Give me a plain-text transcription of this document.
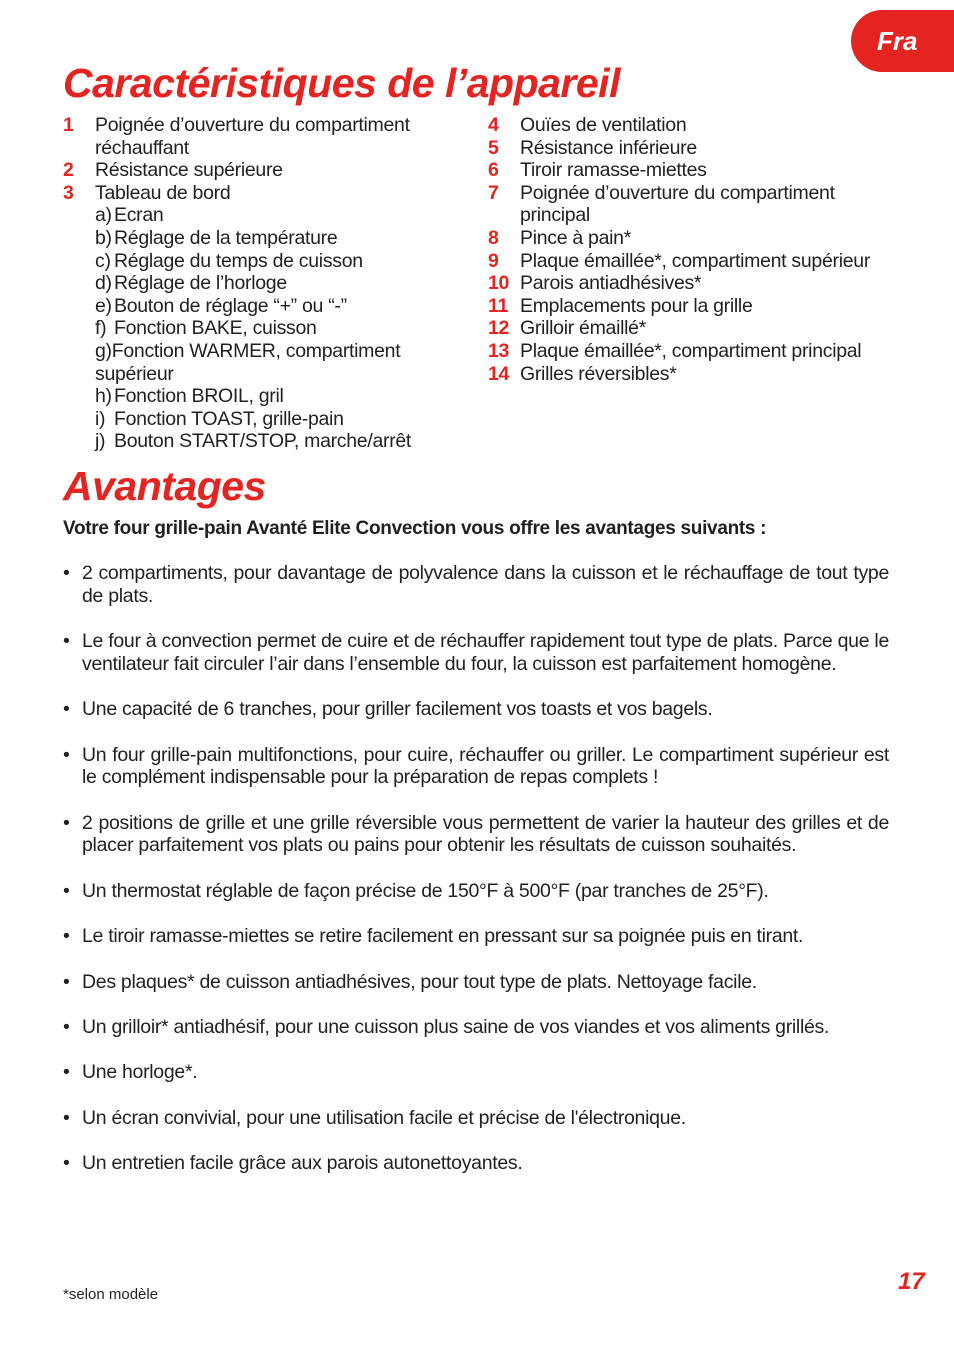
Fra
Caractéristiques de l’appareil
1 Poignée d’ouverture du compartiment réchauffant
2 Résistance supérieure
3 Tableau de bord
a) Ecran
b) Réglage de la température
c) Réglage du temps de cuisson
d) Réglage de l’horloge
e) Bouton de réglage “+” ou “-”
f) Fonction BAKE, cuisson
g)Fonction WARMER, compartiment supérieur
h) Fonction BROIL, gril
i) Fonction TOAST, grille-pain
j) Bouton START/STOP, marche/arrêt
4 Ouïes de ventilation
5 Résistance inférieure
6 Tiroir ramasse-miettes
7 Poignée d’ouverture du compartiment principal
8 Pince à pain*
9 Plaque émaillée*, compartiment supérieur
10 Parois antiadhésives*
11 Emplacements pour la grille
12 Grilloir émaillé*
13 Plaque émaillée*, compartiment principal
14 Grilles réversibles*
Avantages
Votre four grille-pain Avanté Elite Convection vous offre les avantages suivants :
• 2 compartiments, pour davantage de polyvalence dans la cuisson et le réchauffage de tout type de plats.
• Le four à convection permet de cuire et de réchauffer rapidement tout type de plats. Parce que le ventilateur fait circuler l’air dans l’ensemble du four, la cuisson est parfaitement homogène.
• Une capacité de 6 tranches, pour griller facilement vos toasts et vos bagels.
• Un four grille-pain multifonctions, pour cuire, réchauffer ou griller. Le compartiment supérieur est le complément indispensable pour la préparation de repas complets !
• 2 positions de grille et une grille réversible vous permettent de varier la hauteur des grilles et de placer parfaitement vos plats ou pains pour obtenir les résultats de cuisson souhaités.
• Un thermostat réglable de façon précise de 150°F à 500°F (par tranches de 25°F).
• Le tiroir ramasse-miettes se retire facilement en pressant sur sa poignée puis en tirant.
• Des plaques* de cuisson antiadhésives, pour tout type de plats. Nettoyage facile.
• Un grilloir* antiadhésif, pour une cuisson plus saine de vos viandes et vos aliments grillés.
• Une horloge*.
• Un écran convivial, pour une utilisation facile et précise de l'électronique.
• Un entretien facile grâce aux parois autonettoyantes.
*selon modèle	17
